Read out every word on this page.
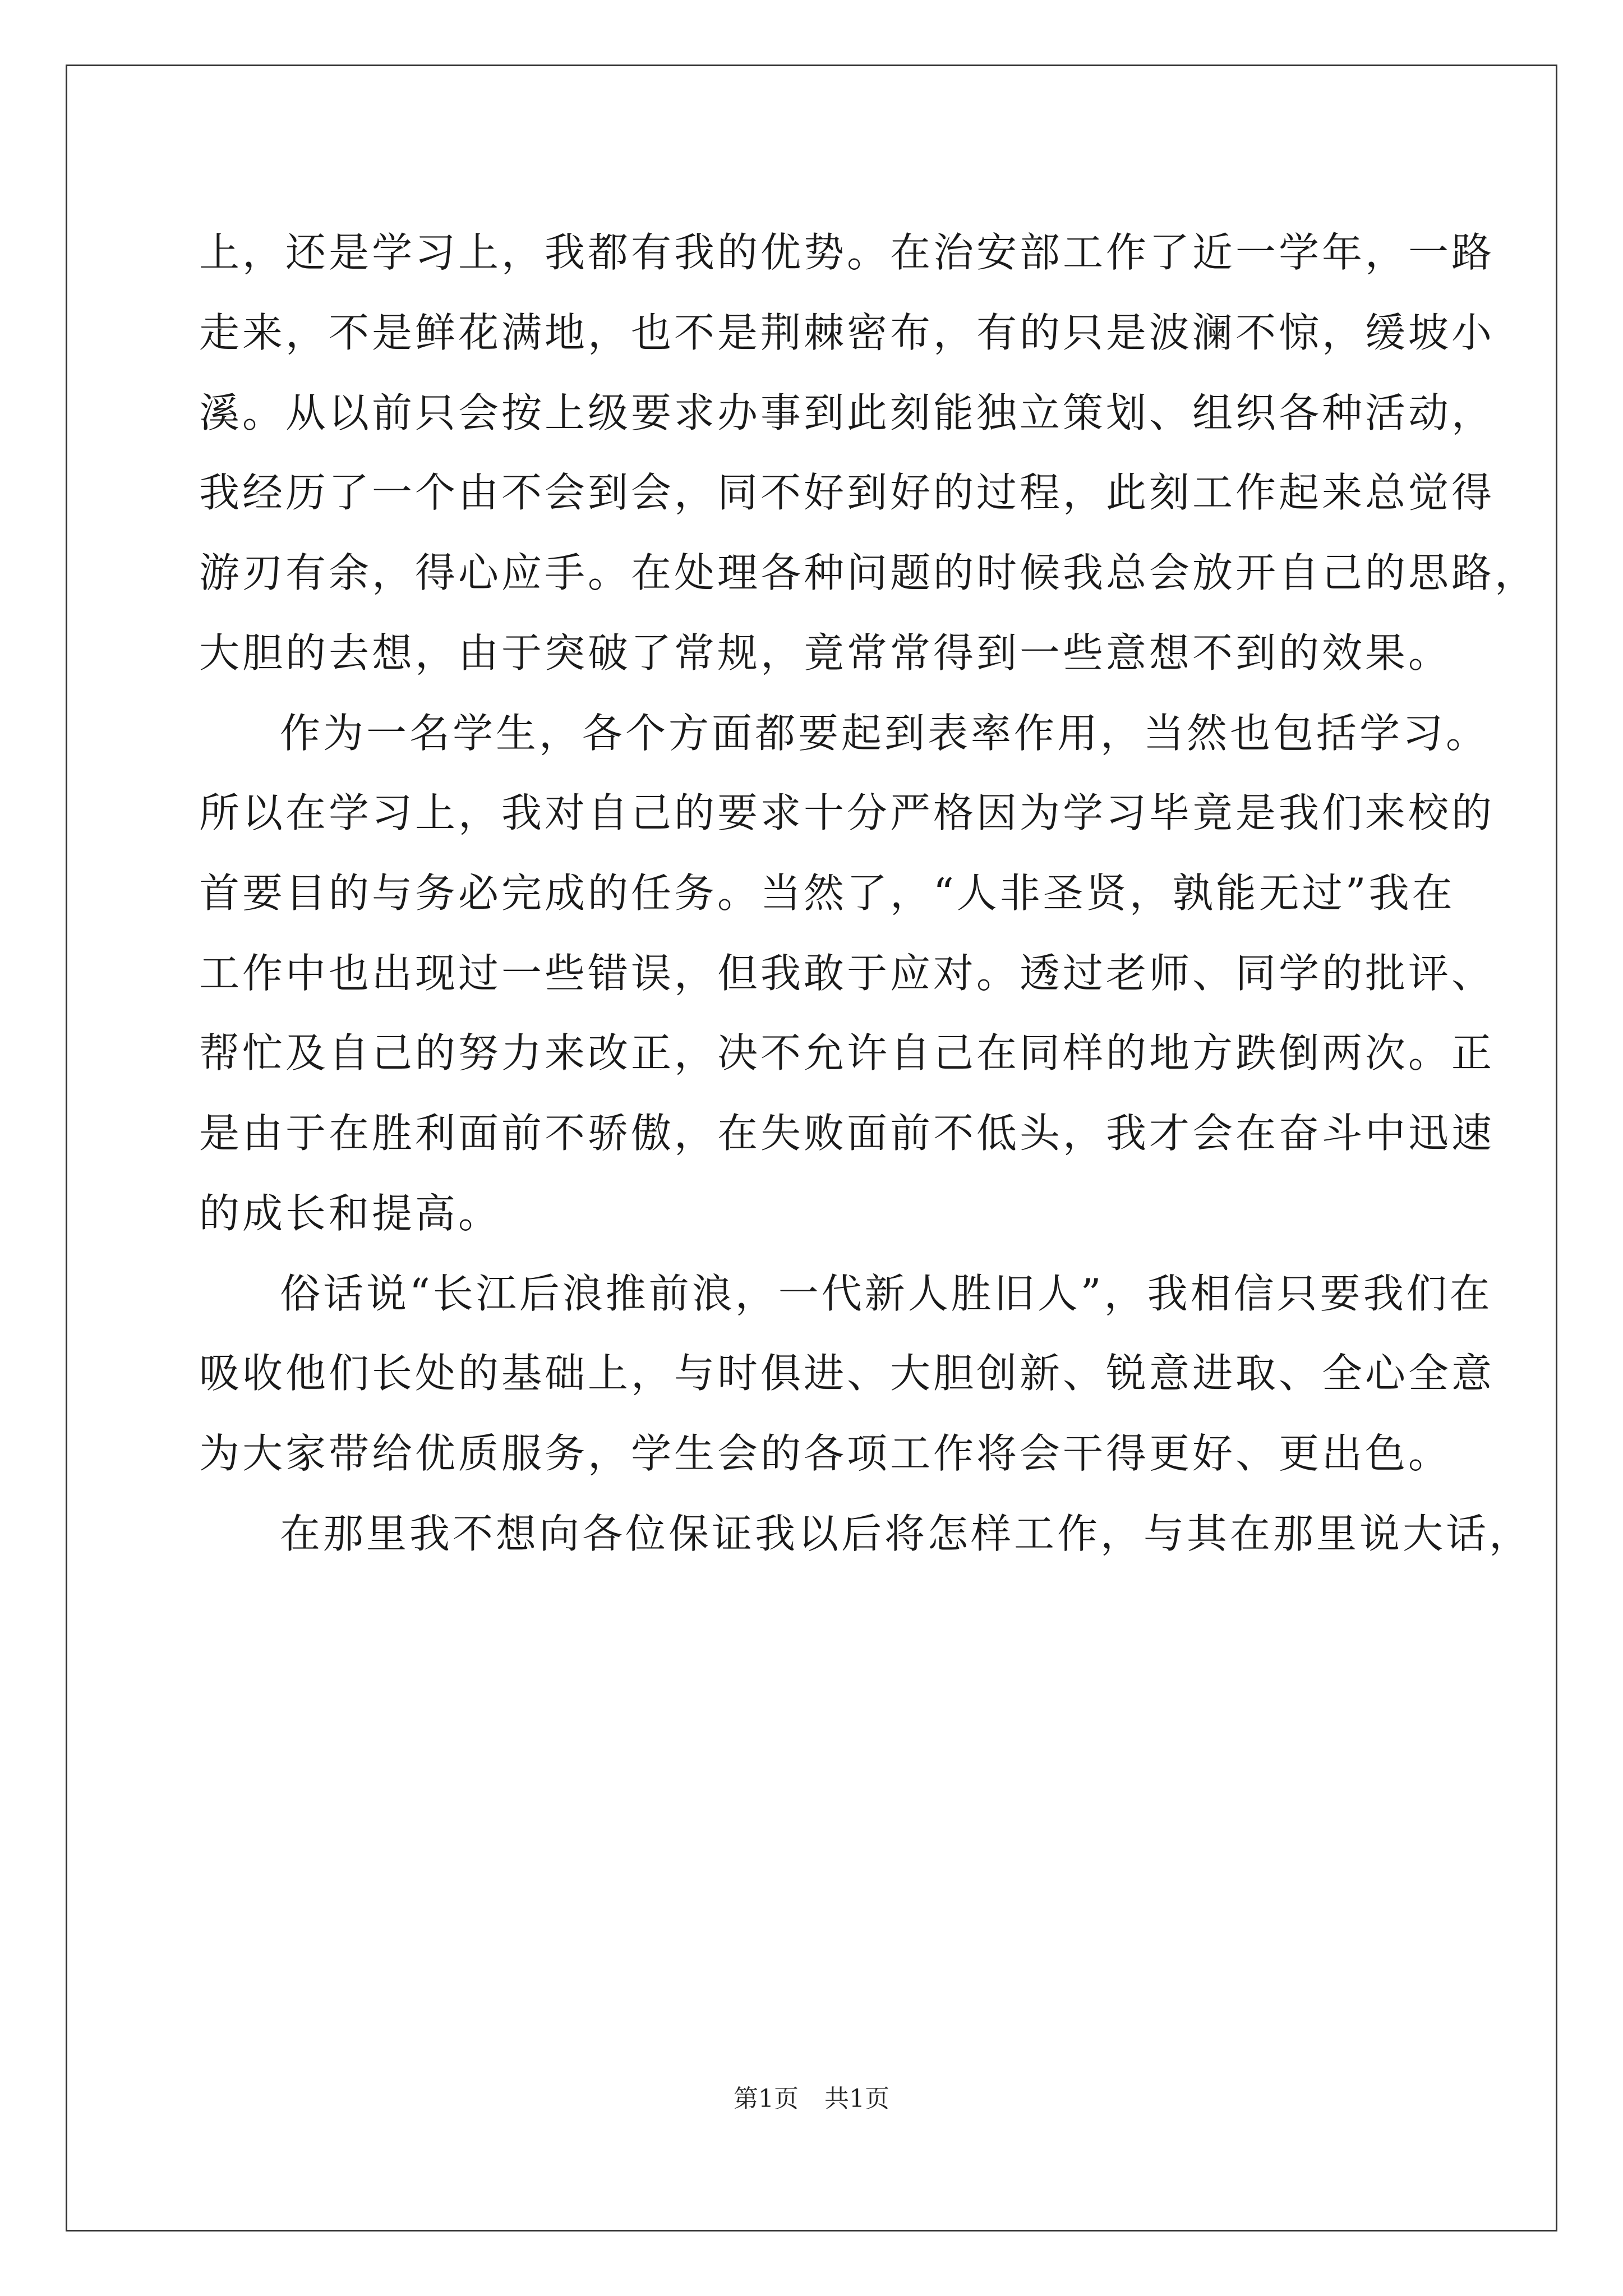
上，还是学习上，我都有我的优势。在治安部工作了近一学年，一路
走来，不是鲜花满地，也不是荆棘密布，有的只是波澜不惊，缓坡小
溪。从以前只会按上级要求办事到此刻能独立策划、组织各种活动，
我经历了一个由不会到会，同不好到好的过程，此刻工作起来总觉得
游刃有余，得心应手。在处理各种问题的时候我总会放开自己的思路，
大胆的去想，由于突破了常规，竟常常得到一些意想不到的效果。
作为一名学生，各个方面都要起到表率作用，当然也包括学习。
所以在学习上，我对自己的要求十分严格因为学习毕竟是我们来校的
首要目的与务必完成的任务。当然了，“人非圣贤，孰能无过”我在
工作中也出现过一些错误，但我敢于应对。透过老师、同学的批评、
帮忙及自己的努力来改正，决不允许自己在同样的地方跌倒两次。正
是由于在胜利面前不骄傲，在失败面前不低头，我才会在奋斗中迅速
的成长和提高。
俗话说“长江后浪推前浪，一代新人胜旧人”，我相信只要我们在
吸收他们长处的基础上，与时俱进、大胆创新、锐意进取、全心全意
为大家带给优质服务，学生会的各项工作将会干得更好、更出色。
在那里我不想向各位保证我以后将怎样工作，与其在那里说大话，
第1页 共1页
